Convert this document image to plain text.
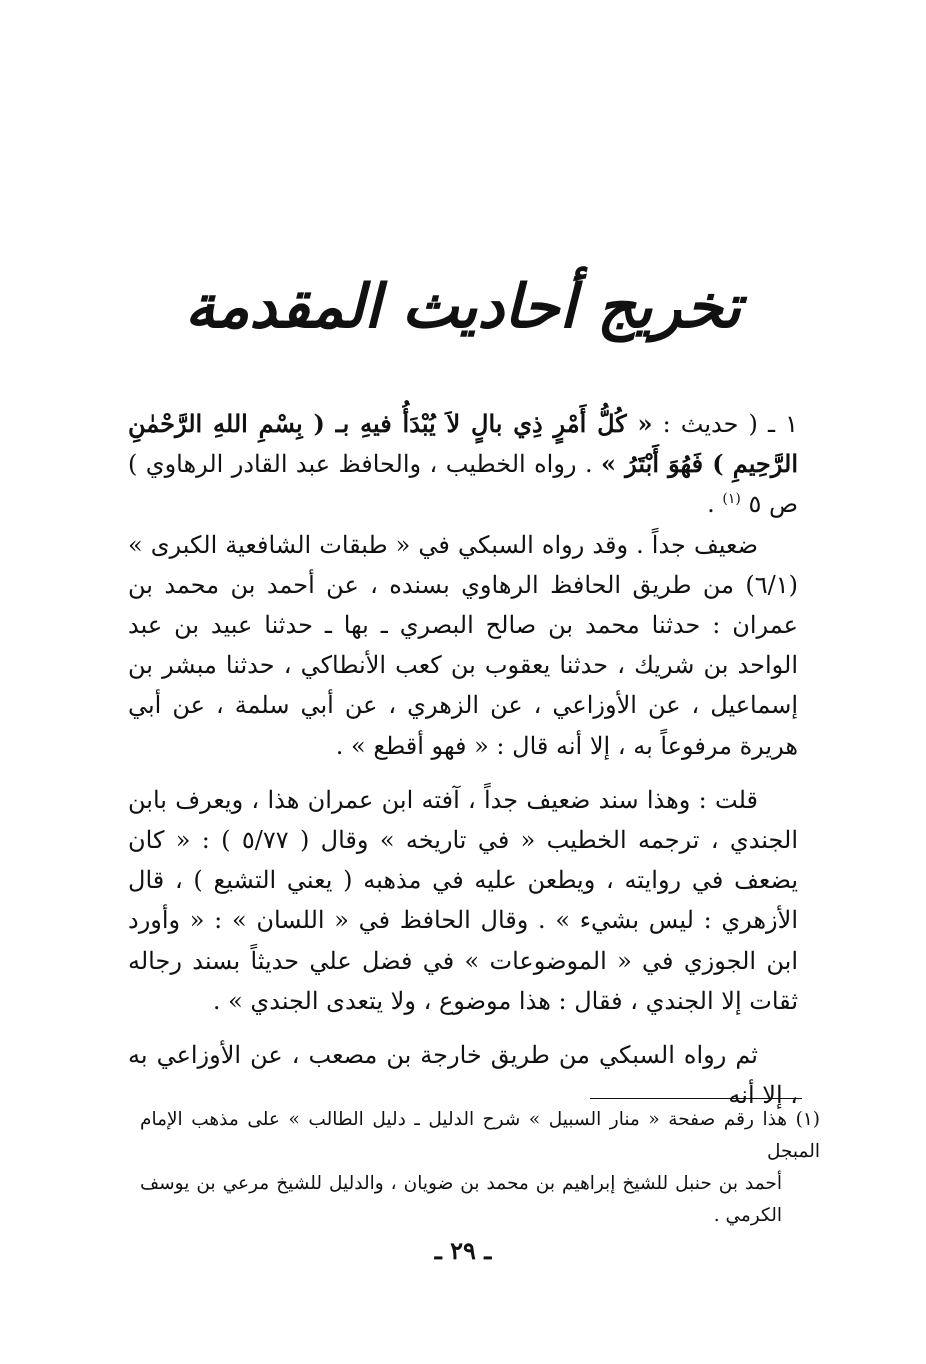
تخريج أحاديث المقدمة

١ ـ ( حديث : « كُلُّ أَمْرٍ ذِي بالٍ لاَ يُبْدَأُ فيهِ بـ ( بِسْمِ اللهِ الرَّحْمٰنِ الرَّحِيمِ ) فَهُوَ أَبْتَرُ » . رواه الخطيب ، والحافظ عبد القادر الرهاوي ) ص ٥ $^{(١)}$ .

ضعيف جداً . وقد رواه السبكي في « طبقات الشافعية الكبرى » (٦/١) من طريق الحافظ الرهاوي بسنده ، عن أحمد بن محمد بن عمران : حدثنا محمد بن صالح البصري ـ بها ـ حدثنا عبيد بن عبد الواحد بن شريك ، حدثنا يعقوب بن كعب الأنطاكي ، حدثنا مبشر بن إسماعيل ، عن الأوزاعي ، عن الزهري ، عن أبي سلمة ، عن أبي هريرة مرفوعاً به ، إلا أنه قال : « فهو أقطع » .

قلت : وهذا سند ضعيف جداً ، آفته ابن عمران هذا ، ويعرف بابن الجندي ، ترجمه الخطيب « في تاريخه » وقال ( ٥/٧٧ ) : « كان يضعف في روايته ، ويطعن عليه في مذهبه ( يعني التشيع ) ، قال الأزهري : ليس بشيء » . وقال الحافظ في « اللسان » : « وأورد ابن الجوزي في « الموضوعات » في فضل علي حديثاً بسند رجاله ثقات إلا الجندي ، فقال : هذا موضوع ، ولا يتعدى الجندي » .

ثم رواه السبكي من طريق خارجة بن مصعب ، عن الأوزاعي به ، إلا أنه

(١) هذا رقم صفحة « منار السبيل » شرح الدليل ـ دليل الطالب » على مذهب الإمام المبجل

أحمد بن حنبل للشيخ إبراهيم بن محمد بن ضويان ، والدليل للشيخ مرعي بن يوسف الكرمي .

ـ ٢٩ ـ
